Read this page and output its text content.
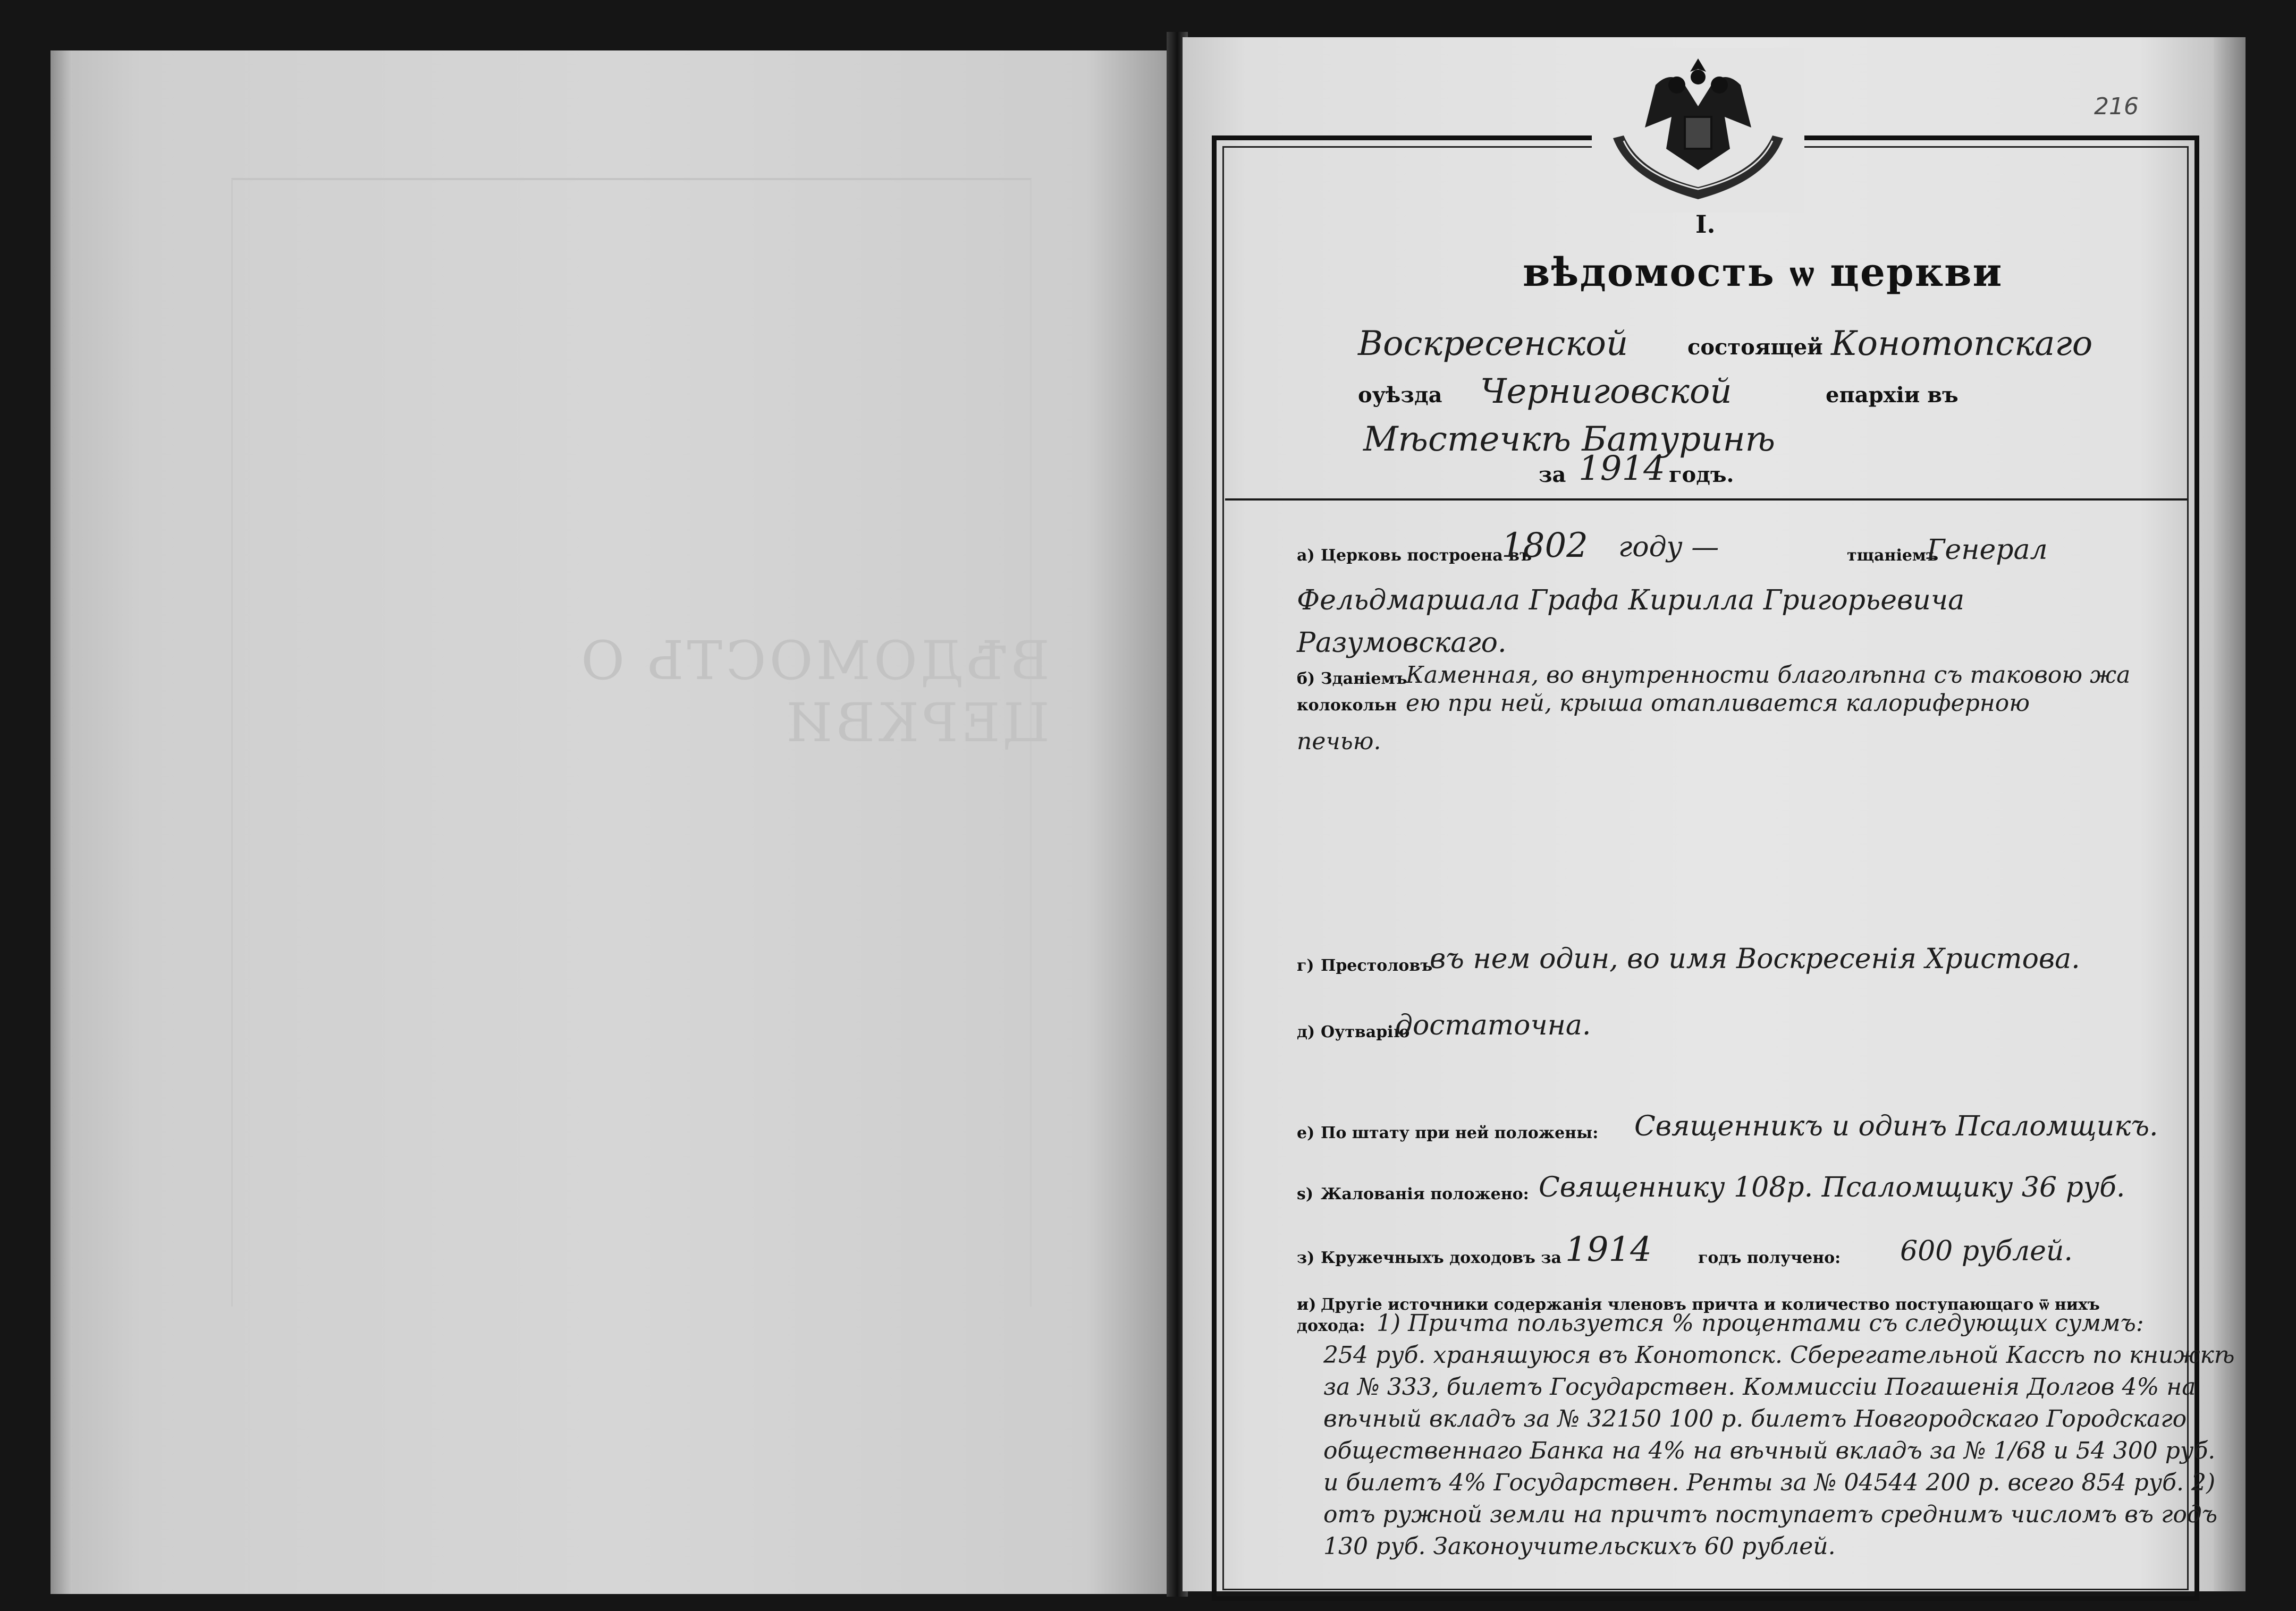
ВѢДОМОСТЬ О ЦЕРКВИ
216
I.
вѣдомость ѡ церкви
Воскресенской	состоящей Конотопскаго
оуѣзда Черниговской	епархіи въ
Мѣстечкѣ Батуринѣ
за 1914 годъ.
а) Церковь построена въ
1802 году —	тщаніемъ
Генерал
Фельдмаршала Графа Кирилла Григорьевича
Разумовскаго.
б) Зданіемъ
Каменная, во внутренности благолѣпна съ таковою жа
колокольн ею при ней, крыша отапливается калориферною
печью.
г) Престоловъ
въ нем один, во имя Воскресенія Христова.
д) Оутварію
достаточна.
е) По штату при ней положены: Священникъ и одинъ Псаломщикъ.
ѕ) Жалованія положено: Священнику 108р. Псаломщику 36 руб.
з) Кружечныхъ доходовъ за 1914	годъ получено: 600 рублей.
и) Другіе источники содержанія членовъ причта и количество поступающаго ѿ нихъ
дохода: 1) Причта пользуется % процентами съ следующих суммъ:
254 руб. храняшуюся въ Конотопск. Сберегательной Кассѣ по книжкѣ
за № 333, билетъ Государствен. Коммиссіи Погашенія Долгов 4% на
вѣчный вкладъ за № 32150 100 р. билетъ Новгородскаго Городскаго
общественнаго Банка на 4% на вѣчный вкладъ за № 1/68 и 54 300 руб.
и билетъ 4% Государствен. Ренты за № 04544 200 р. всего 854 руб. 2)
отъ ружной земли на причтъ поступаетъ среднимъ числомъ въ годъ
130 руб. Законоучительскихъ 60 рублей.
